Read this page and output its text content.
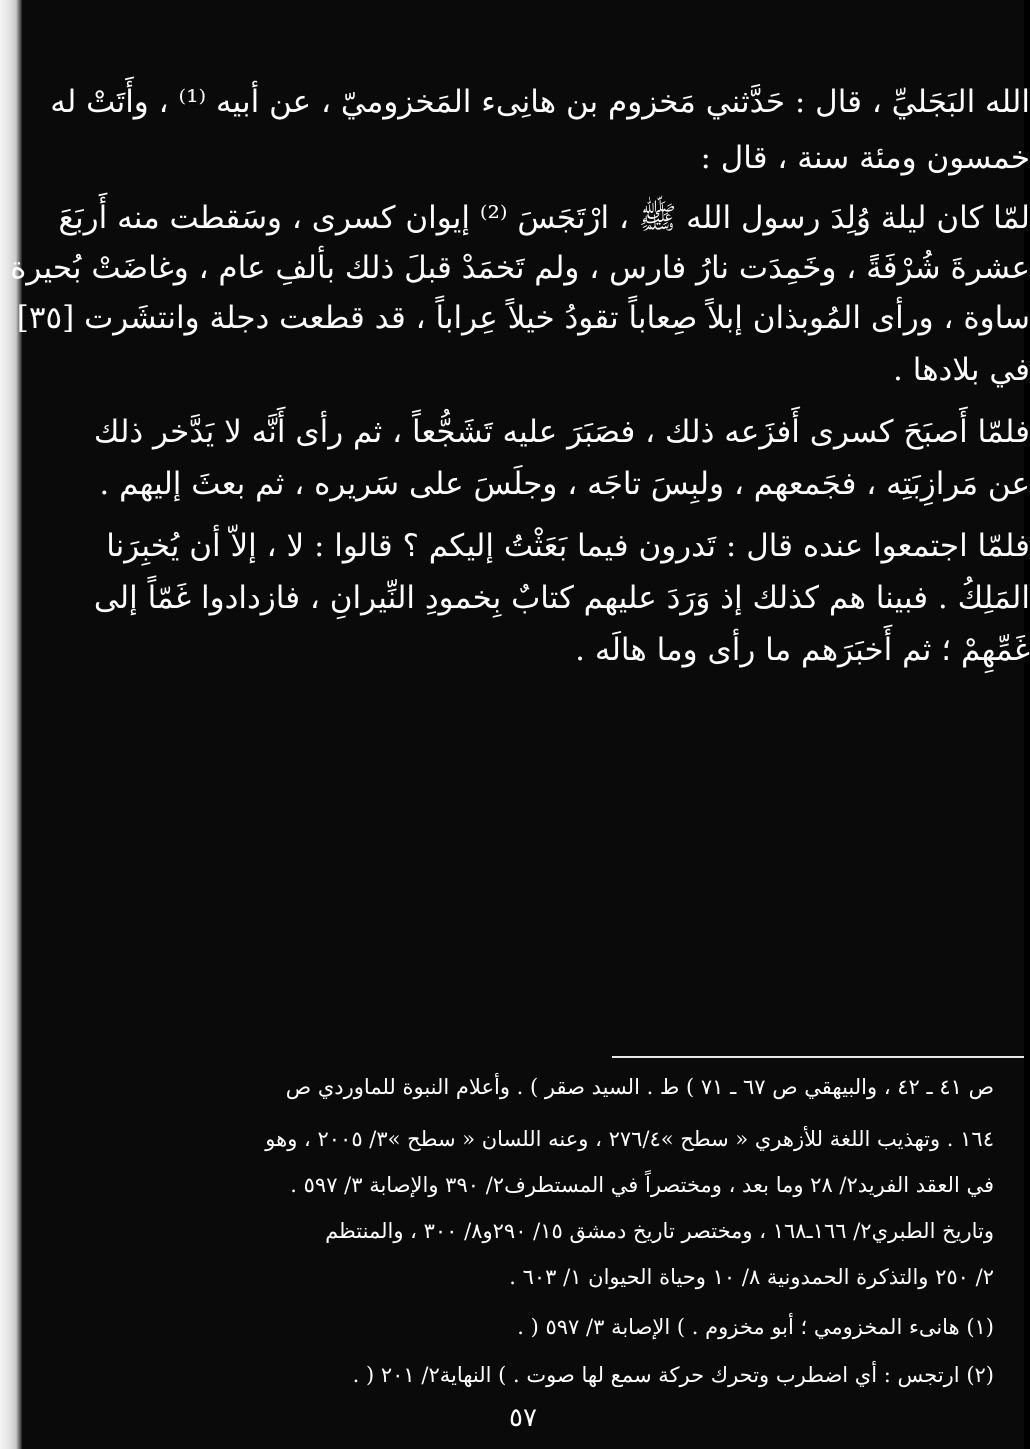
الله البَجَليِّ ، قال : حَدَّثني مَخزوم بن هانِىء المَخزوميّ ، عن أبيه ⁽¹⁾ ، وأَتَتْ له
خمسون ومئة سنة ، قال :
لمّا كان ليلة وُلِدَ رسول الله ﷺ ، ارْتَجَسَ ⁽²⁾ إيوان كسرى ، وسَقطت منه أَربَعَ
عشرةَ شُرْفَةً ، وخَمِدَت نارُ فارس ، ولم تَخمَدْ قبلَ ذلك بألفِ عام ، وغاضَتْ بُحيرة
ساوة ، ورأى المُوبذان إبلاً صِعاباً تقودُ خيلاً عِراباً ، قد قطعت دجلة وانتشَرت [٣٥]
في بلادها .
فلمّا أَصبَحَ كسرى أَفزَعه ذلك ، فصَبَرَ عليه تَشَجُّعاً ، ثم رأى أَنَّه لا يَدَّخر ذلك
عن مَرازِبَتِه ، فجَمعهم ، ولبِسَ تاجَه ، وجلَسَ على سَريره ، ثم بعثَ إليهم .
فلمّا اجتمعوا عنده قال : تَدرون فيما بَعَثْتُ إليكم ؟ قالوا : لا ، إلاّ أن يُخبِرَنا
المَلِكُ . فبينا هم كذلك إذ وَرَدَ عليهم كتابٌ بِخمودِ النِّيرانِ ، فازدادوا غَمّاً إلى
غَمِّهِمْ ؛ ثم أَخبَرَهم ما رأى وما هالَه .
ص ٤١ ـ ٤٢ ، والبيهقي ص ٦٧ ـ ٧١ ) ط . السيد صقر ) . وأعلام النبوة للماوردي ص
١٦٤ . وتهذيب اللغة للأزهري « سطح »٢٧٦/٤ ، وعنه اللسان « سطح »٣/ ٢٠٠٥ ، وهو
في العقد الفريد٢/ ٢٨ وما بعد ، ومختصراً في المستطرف٢/ ٣٩٠ والإصابة ٣/ ٥٩٧ .
وتاريخ الطبري٢/ ١٦٦ـ١٦٨ ، ومختصر تاريخ دمشق ١٥/ ٢٩٠و٨/ ٣٠٠ ، والمنتظم
٢/ ٢٥٠ والتذكرة الحمدونية ٨/ ١٠ وحياة الحيوان ١/ ٦٠٣ .
(١) هانىء المخزومي ؛ أبو مخزوم . ) الإصابة ٣/ ٥٩٧ ( .
(٢) ارتجس : أي اضطرب وتحرك حركة سمع لها صوت . ) النهاية٢/ ٢٠١ ( .
٥٧
